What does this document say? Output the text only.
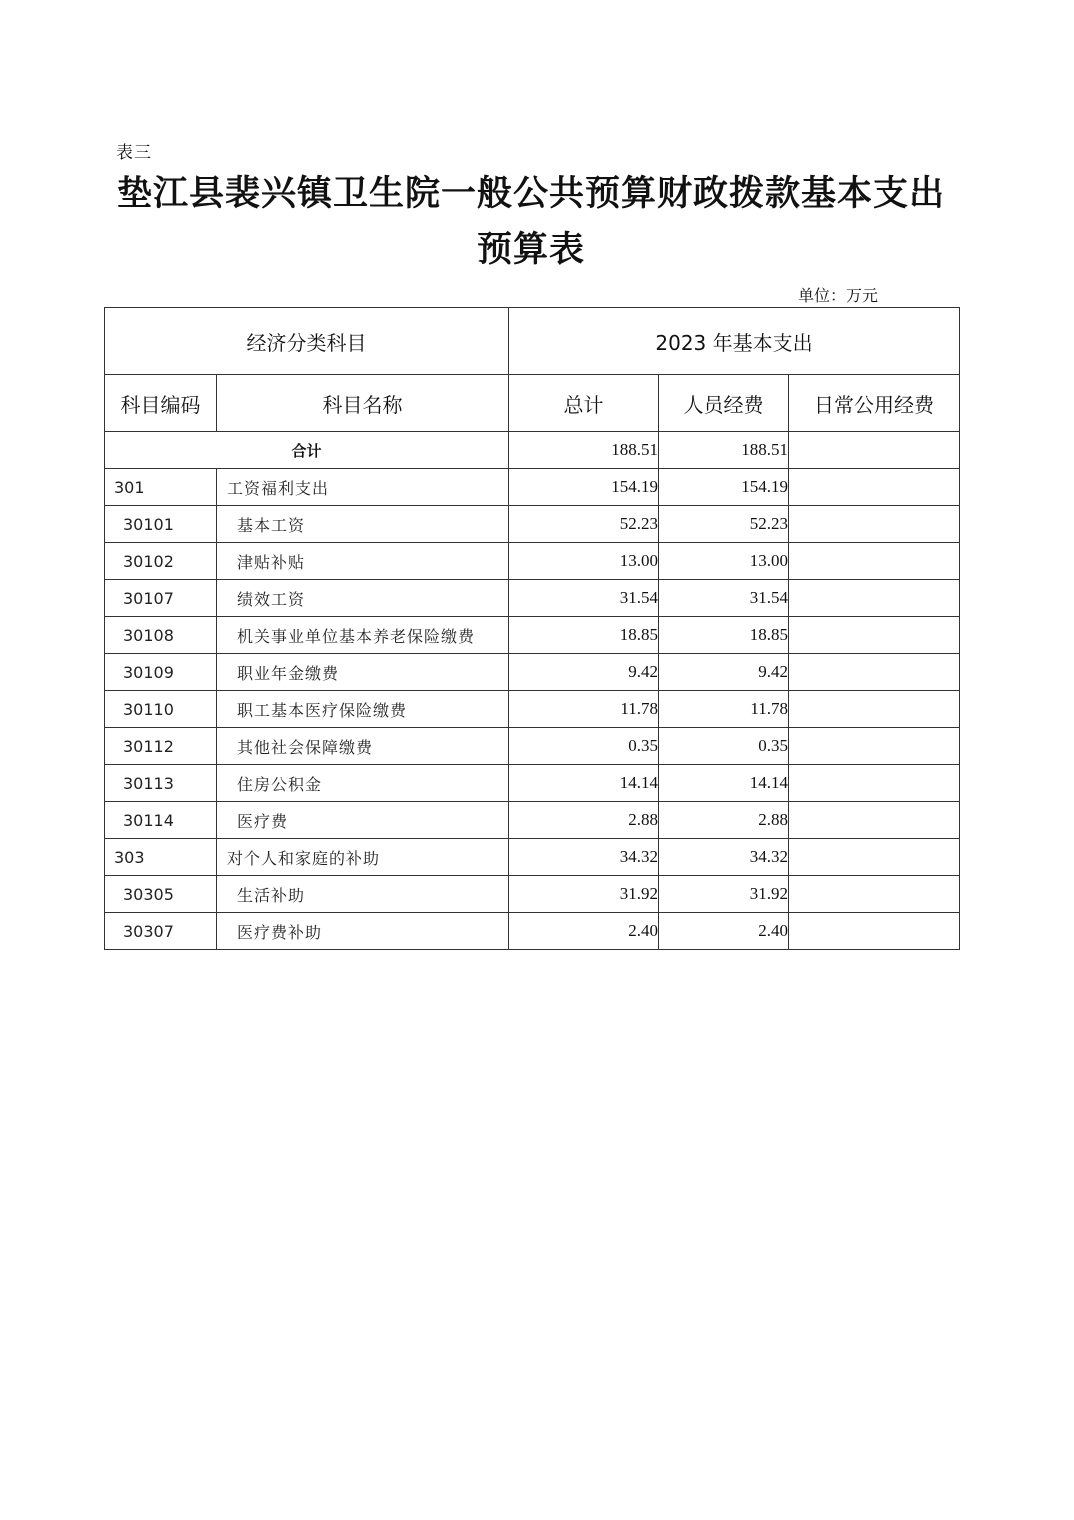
表三
垫江县裴兴镇卫生院一般公共预算财政拨款基本支出预算表
单位：万元
经济分类科目		2023 年基本支出		
科目编码	科目名称	总计	人员经费	日常公用经费
合计		188.51	188.51	
301	工资福利支出	154.19	154.19	
30101	基本工资	52.23	52.23	
30102	津贴补贴	13.00	13.00	
30107	绩效工资	31.54	31.54	
30108	机关事业单位基本养老保险缴费	18.85	18.85	
30109	职业年金缴费	9.42	9.42	
30110	职工基本医疗保险缴费	11.78	11.78	
30112	其他社会保障缴费	0.35	0.35	
30113	住房公积金	14.14	14.14	
30114	医疗费	2.88	2.88	
303	对个人和家庭的补助	34.32	34.32	
30305	生活补助	31.92	31.92	
30307	医疗费补助	2.40	2.40	
